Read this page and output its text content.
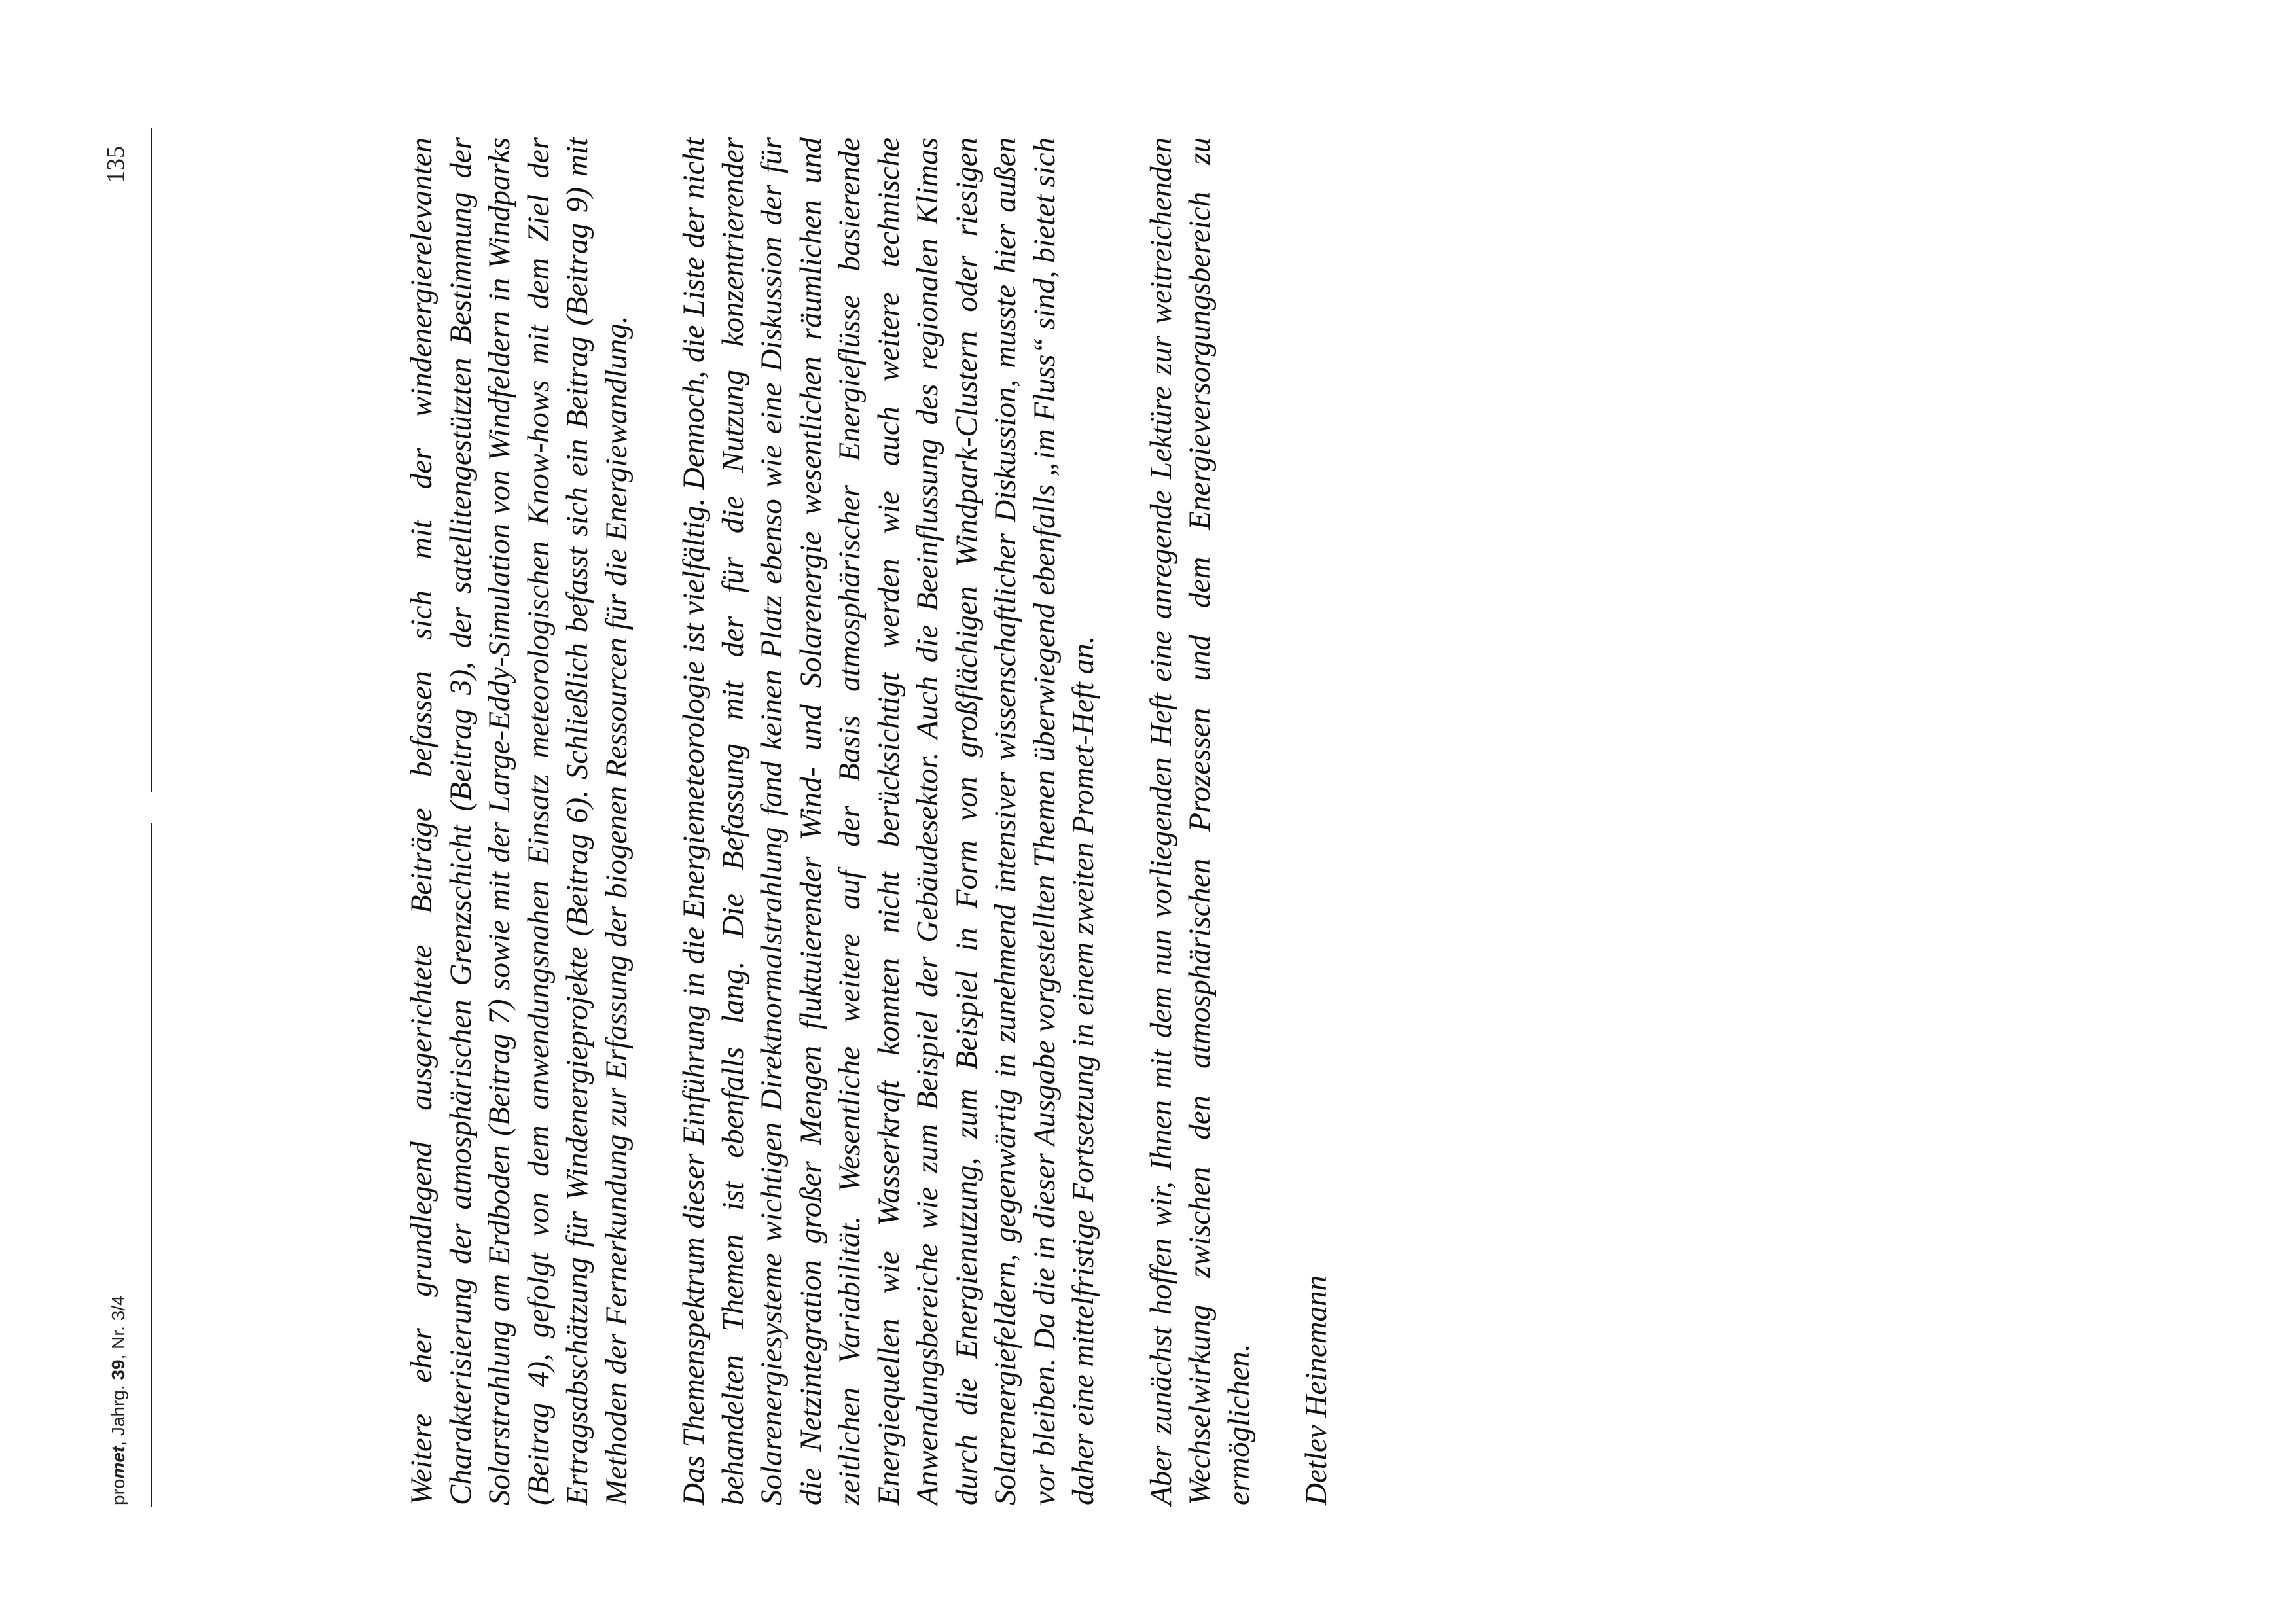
promet, Jahrg. 39, Nr. 3/4
135	Weitere eher grundlegend ausgerichtete Beiträge befassen sich mit der windenergierelevanten Charakterisierung der atmosphärischen Grenzschicht (Beitrag 3), der satellitengestützten Bestimmung der Solarstrahlung am Erdboden (Beitrag 7) sowie mit der Large-Eddy-Simulation von Windfeldern in Windparks (Beitrag 4), gefolgt von dem anwendungsnahen Einsatz meteorologischen Know-hows mit dem Ziel der Ertragsabschätzung für Windenergieprojekte (Beitrag 6). Schließlich befasst sich ein Beitrag (Beitrag 9) mit Methoden der Fernerkundung zur Erfassung der biogenen Ressourcen für die Energiewandlung. Das Themenspektrum dieser Einführung in die Energiemeteorologie ist vielfältig. Dennoch, die Liste der nicht behandelten Themen ist ebenfalls lang. Die Befassung mit der für die Nutzung konzentrierender Solarenergiesysteme wichtigen Direktnormalstrahlung fand keinen Platz ebenso wie eine Diskussion der für die Netzintegration großer Mengen fluktuierender Wind- und Solarenergie wesentlichen räumlichen und zeitlichen Variabilität. Wesentliche weitere auf der Basis atmosphärischer Energieflüsse basierende Energiequellen wie Wasserkraft konnten nicht berücksichtigt werden wie auch weitere technische Anwendungsbereiche wie zum Beispiel der Gebäudesektor. Auch die Beeinflussung des regionalen Klimas durch die Energienutzung, zum Beispiel in Form von großflächigen Windpark-Clustern oder riesigen Solarenergiefeldern, gegenwärtig in zunehmend intensiver wissenschaftlicher Diskussion, musste hier außen vor bleiben. Da die in dieser Ausgabe vorgestellten Themen überwiegend ebenfalls „im Fluss“ sind, bietet sich daher eine mittelfristige Fortsetzung in einem zweiten Promet-Heft an. Aber zunächst hoffen wir, Ihnen mit dem nun vorliegenden Heft eine anregende Lektüre zur weitreichenden Wechselwirkung zwischen den atmosphärischen Prozessen und dem Energieversorgungsbereich zu ermöglichen. Detlev Heinemann
